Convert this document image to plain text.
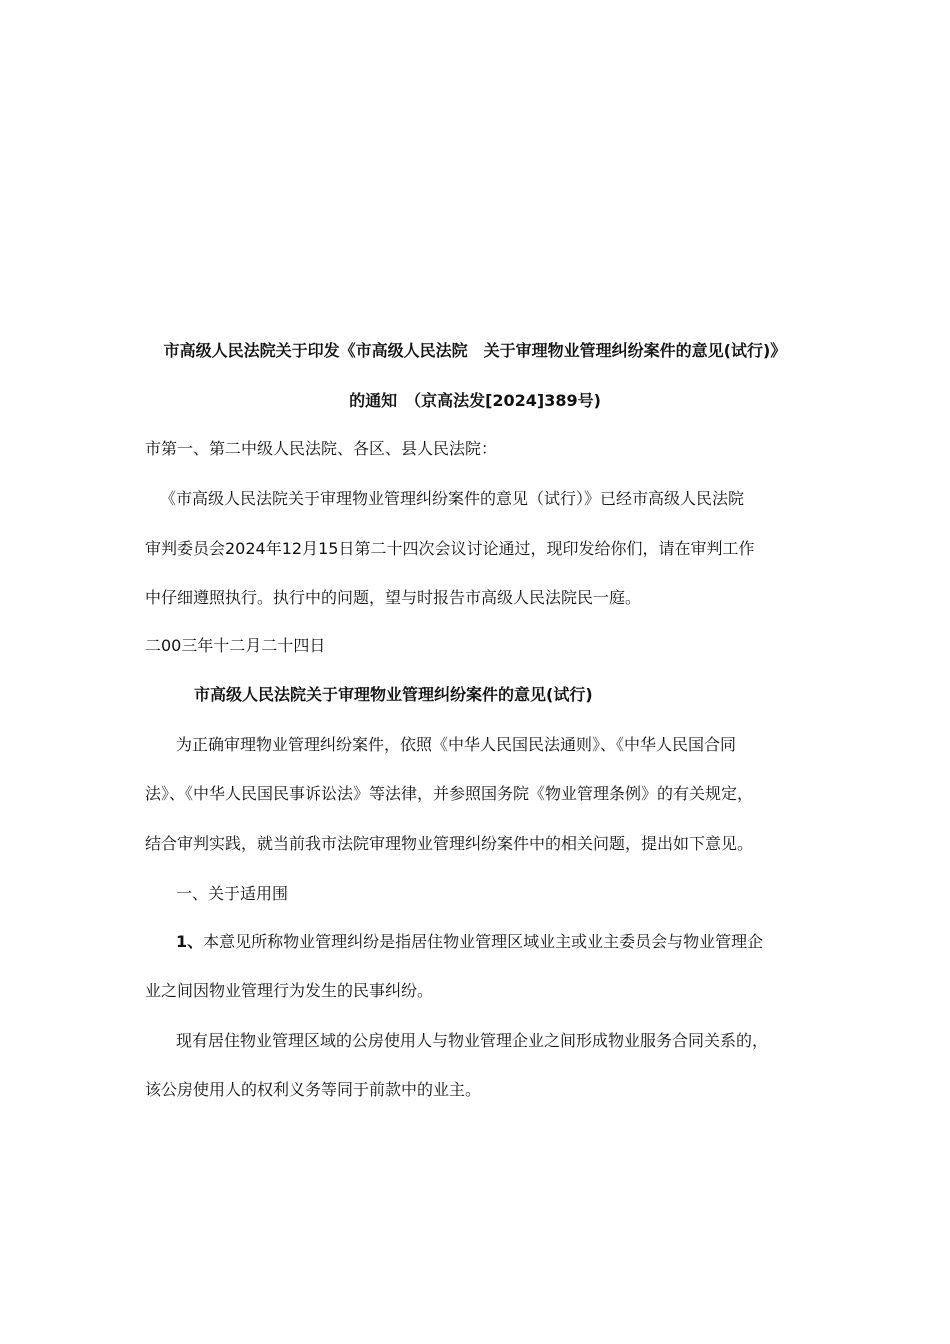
市高级人民法院关于印发《市高级人民法院　关于审理物业管理纠纷案件的意见(试行)》
的通知　（京高法发[2024]389号)
市第一、第二中级人民法院、各区、县人民法院：
《市高级人民法院关于审理物业管理纠纷案件的意见（试行）》已经市高级人民法院
审判委员会2024年12月15日第二十四次会议讨论通过，现印发给你们，请在审判工作
中仔细遵照执行。执行中的问题，望与时报告市高级人民法院民一庭。
二00三年十二月二十四日
市高级人民法院关于审理物业管理纠纷案件的意见(试行)
为正确审理物业管理纠纷案件，依照《中华人民国民法通则》、《中华人民国合同
法》、《中华人民国民事诉讼法》等法律，并参照国务院《物业管理条例》的有关规定，
结合审判实践，就当前我市法院审理物业管理纠纷案件中的相关问题，提出如下意见。
一、关于适用围
1、本意见所称物业管理纠纷是指居住物业管理区域业主或业主委员会与物业管理企
业之间因物业管理行为发生的民事纠纷。
现有居住物业管理区域的公房使用人与物业管理企业之间形成物业服务合同关系的，
该公房使用人的权利义务等同于前款中的业主。
